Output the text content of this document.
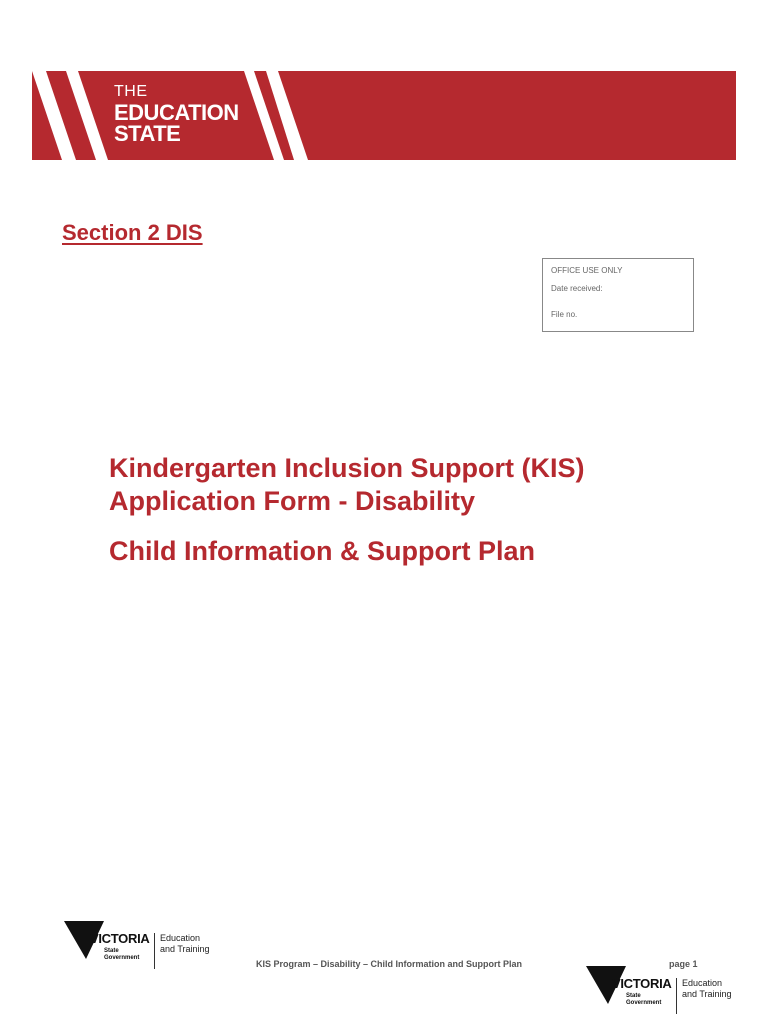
THE
EDUCATION
STATE
Section 2 DIS
OFFICE USE ONLY
Date received:
File no.
Kindergarten Inclusion Support (KIS)
Application Form - Disability
Child Information & Support Plan
VICTORIA
State
Government
Education
and Training
KIS Program – Disability – Child Information and Support Plan	page 1
VICTORIA
State
Government
Education
and Training
